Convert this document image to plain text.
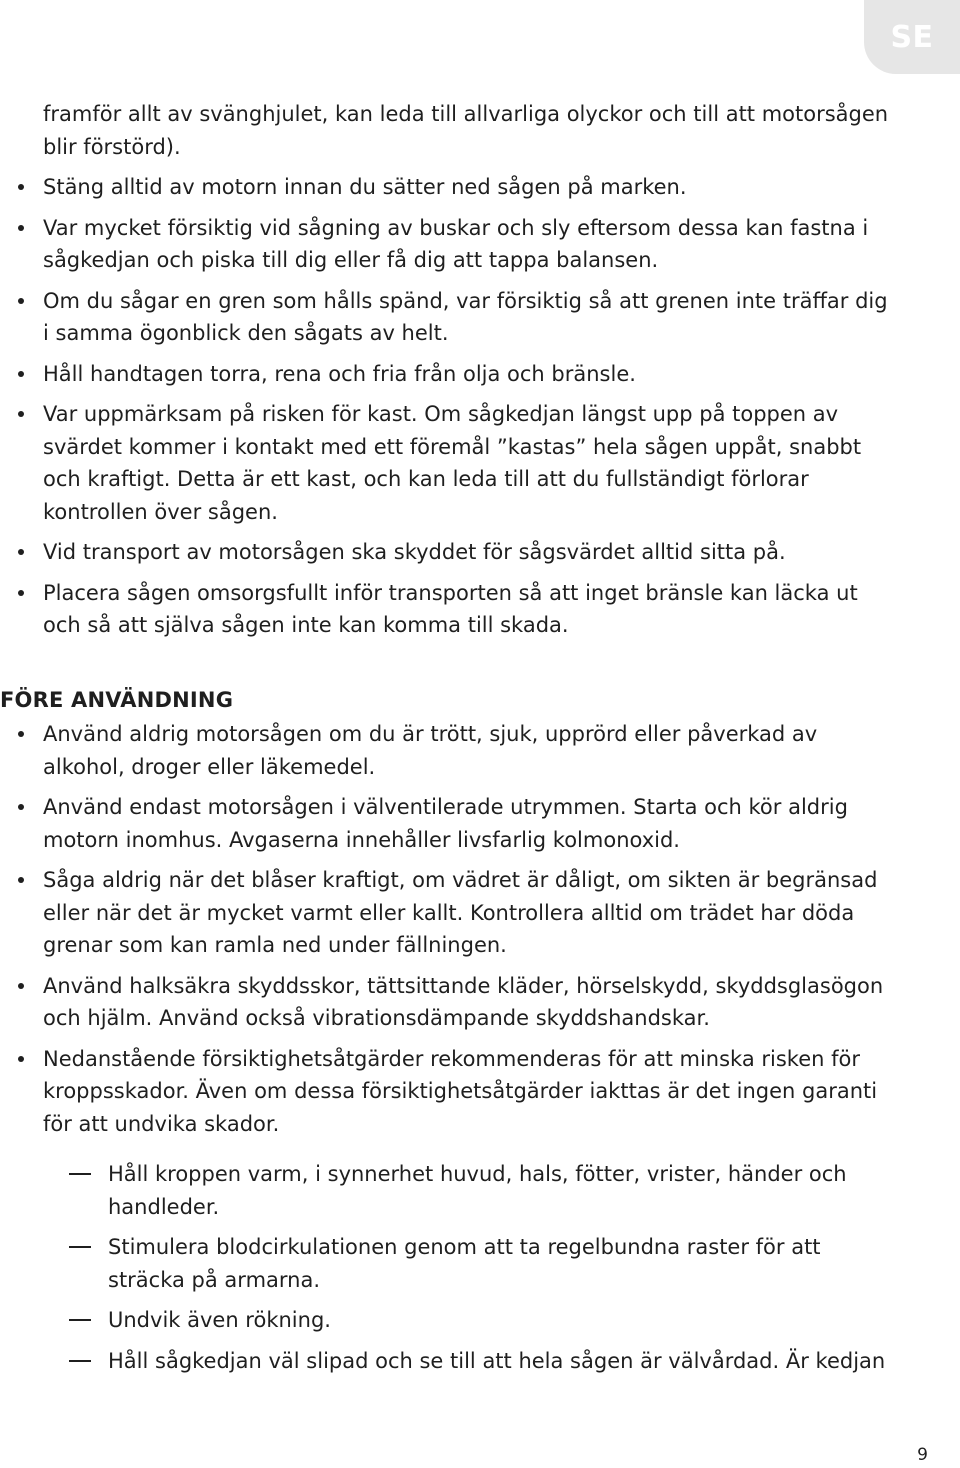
SE

framför allt av svänghjulet, kan leda till allvarliga olyckor och till att motorsågen blir förstörd).

Stäng alltid av motorn innan du sätter ned sågen på marken.
Var mycket försiktig vid sågning av buskar och sly eftersom dessa kan fastna i sågkedjan och piska till dig eller få dig att tappa balansen.
Om du sågar en gren som hålls spänd, var försiktig så att grenen inte träffar dig i samma ögonblick den sågats av helt.
Håll handtagen torra, rena och fria från olja och bränsle.
Var uppmärksam på risken för kast. Om sågkedjan längst upp på toppen av svärdet kommer i kontakt med ett föremål ”kastas” hela sågen uppåt, snabbt och kraftigt. Detta är ett kast, och kan leda till att du fullständigt förlorar kontrollen över sågen.
Vid transport av motorsågen ska skyddet för sågsvärdet alltid sitta på.
Placera sågen omsorgsfullt inför transporten så att inget bränsle kan läcka ut och så att själva sågen inte kan komma till skada.
FÖRE ANVÄNDNING
Använd aldrig motorsågen om du är trött, sjuk, upprörd eller påverkad av alkohol, droger eller läkemedel.
Använd endast motorsågen i välventilerade utrymmen. Starta och kör aldrig motorn inomhus. Avgaserna innehåller livsfarlig kolmonoxid.
Såga aldrig när det blåser kraftigt, om vädret är dåligt, om sikten är begränsad eller när det är mycket varmt eller kallt. Kontrollera alltid om trädet har döda grenar som kan ramla ned under fällningen.
Använd halksäkra skyddsskor, tättsittande kläder, hörselskydd, skyddsglasögon och hjälm. Använd också vibrationsdämpande skyddshandskar.
Nedanstående försiktighetsåtgärder rekommenderas för att minska risken för kroppsskador. Även om dessa försiktighetsåtgärder iakttas är det ingen garanti för att undvika skador.
Håll kroppen varm, i synnerhet huvud, hals, fötter, vrister, händer och handleder.
Stimulera blodcirkulationen genom att ta regelbundna raster för att sträcka på armarna.
Undvik även rökning.
Håll sågkedjan väl slipad och se till att hela sågen är välvårdad. Är kedjan
9
